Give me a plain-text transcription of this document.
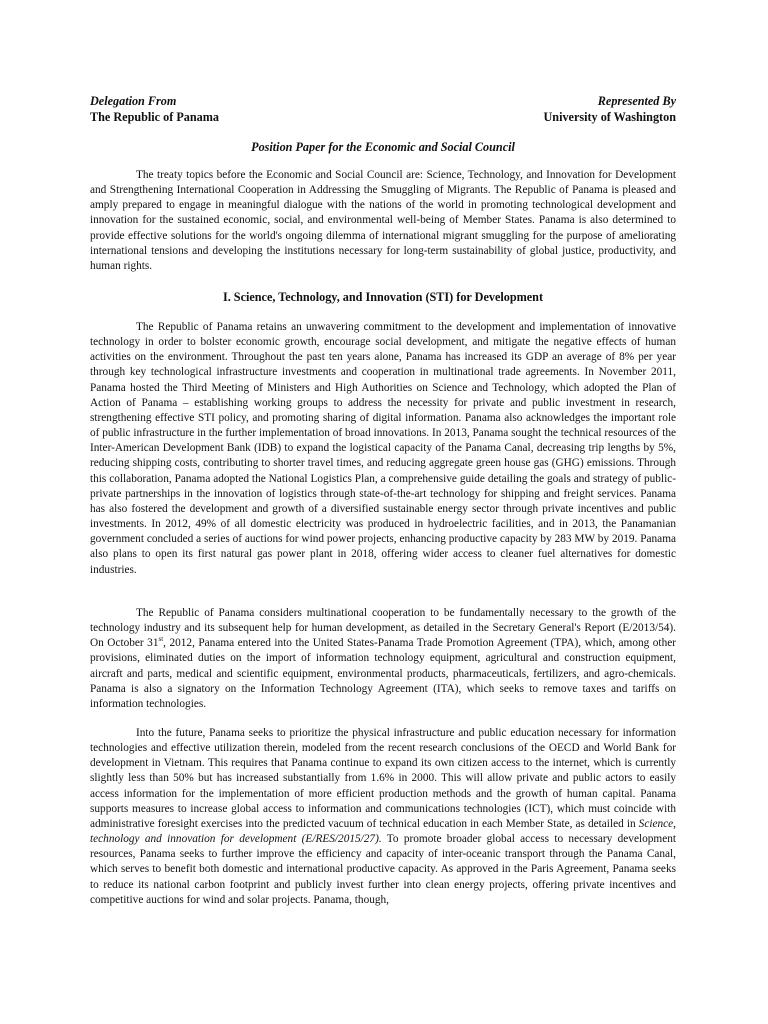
Delegation From	Represented By
The Republic of Panama	University of Washington
Position Paper for the Economic and Social Council

The treaty topics before the Economic and Social Council are: Science, Technology, and Innovation for Development and Strengthening International Cooperation in Addressing the Smuggling of Migrants. The Republic of Panama is pleased and amply prepared to engage in meaningful dialogue with the nations of the world in promoting technological development and innovation for the sustained economic, social, and environmental well-being of Member States. Panama is also determined to provide effective solutions for the world's ongoing dilemma of international migrant smuggling for the purpose of ameliorating international tensions and developing the institutions necessary for long-term sustainability of global justice, productivity, and human rights.

I. Science, Technology, and Innovation (STI) for Development

The Republic of Panama retains an unwavering commitment to the development and implementation of innovative technology in order to bolster economic growth, encourage social development, and mitigate the negative effects of human activities on the environment. Throughout the past ten years alone, Panama has increased its GDP an average of 8% per year through key technological infrastructure investments and cooperation in multinational trade agreements. In November 2011, Panama hosted the Third Meeting of Ministers and High Authorities on Science and Technology, which adopted the Plan of Action of Panama – establishing working groups to address the necessity for private and public investment in research, strengthening effective STI policy, and promoting sharing of digital information. Panama also acknowledges the important role of public infrastructure in the further implementation of broad innovations. In 2013, Panama sought the technical resources of the Inter-American Development Bank (IDB) to expand the logistical capacity of the Panama Canal, decreasing trip lengths by 5%, reducing shipping costs, contributing to shorter travel times, and reducing aggregate green house gas (GHG) emissions. Through this collaboration, Panama adopted the National Logistics Plan, a comprehensive guide detailing the goals and strategy of public-private partnerships in the innovation of logistics through state-of-the-art technology for shipping and freight services. Panama has also fostered the development and growth of a diversified sustainable energy sector through private incentives and public investments. In 2012, 49% of all domestic electricity was produced in hydroelectric facilities, and in 2013, the Panamanian government concluded a series of auctions for wind power projects, enhancing productive capacity by 283 MW by 2019. Panama also plans to open its first natural gas power plant in 2018, offering wider access to cleaner fuel alternatives for domestic industries.

The Republic of Panama considers multinational cooperation to be fundamentally necessary to the growth of the technology industry and its subsequent help for human development, as detailed in the Secretary General's Report (E/2013/54). On October 31st, 2012, Panama entered into the United States-Panama Trade Promotion Agreement (TPA), which, among other provisions, eliminated duties on the import of information technology equipment, agricultural and construction equipment, aircraft and parts, medical and scientific equipment, environmental products, pharmaceuticals, fertilizers, and agro-chemicals. Panama is also a signatory on the Information Technology Agreement (ITA), which seeks to remove taxes and tariffs on information technologies.

Into the future, Panama seeks to prioritize the physical infrastructure and public education necessary for information technologies and effective utilization therein, modeled from the recent research conclusions of the OECD and World Bank for development in Vietnam. This requires that Panama continue to expand its own citizen access to the internet, which is currently slightly less than 50% but has increased substantially from 1.6% in 2000. This will allow private and public actors to easily access information for the implementation of more efficient production methods and the growth of human capital. Panama supports measures to increase global access to information and communications technologies (ICT), which must coincide with administrative foresight exercises into the predicted vacuum of technical education in each Member State, as detailed in Science, technology and innovation for development (E/RES/2015/27). To promote broader global access to necessary development resources, Panama seeks to further improve the efficiency and capacity of inter-oceanic transport through the Panama Canal, which serves to benefit both domestic and international productive capacity. As approved in the Paris Agreement, Panama seeks to reduce its national carbon footprint and publicly invest further into clean energy projects, offering private incentives and competitive auctions for wind and solar projects. Panama, though,
